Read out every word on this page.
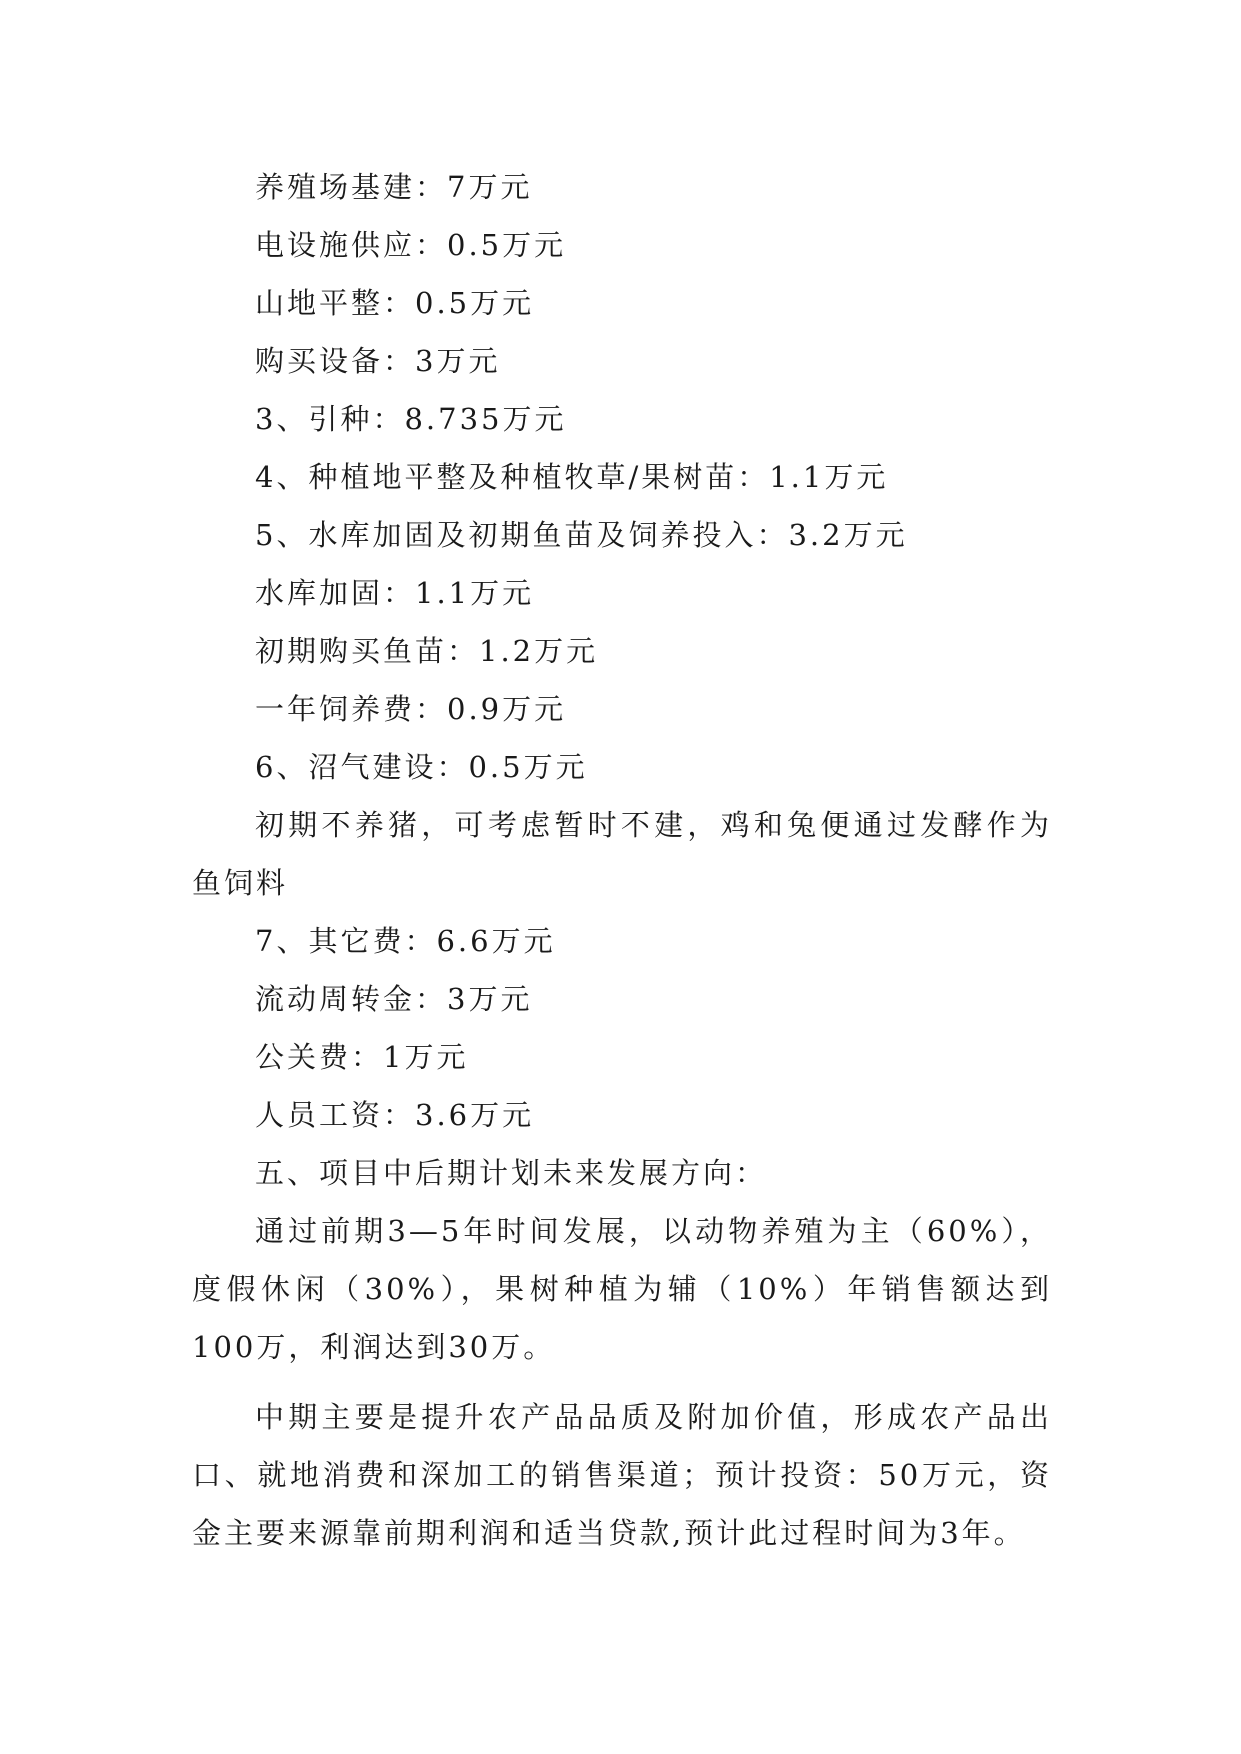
养殖场基建：7万元
电设施供应：0.5万元
山地平整：0.5万元
购买设备：3万元
3、引种：8.735万元
4、种植地平整及种植牧草/果树苗：1.1万元
5、水库加固及初期鱼苗及饲养投入：3.2万元
水库加固：1.1万元
初期购买鱼苗：1.2万元
一年饲养费：0.9万元
6、沼气建设：0.5万元
初期不养猪，可考虑暂时不建，鸡和兔便通过发酵作为鱼饲料
7、其它费：6.6万元
流动周转金：3万元
公关费：1万元
人员工资：3.6万元
五、项目中后期计划未来发展方向：
通过前期3—5年时间发展，以动物养殖为主（60%），度假休闲（30%），果树种植为辅（10%）年销售额达到100万，利润达到30万。
中期主要是提升农产品品质及附加价值，形成农产品出口、就地消费和深加工的销售渠道；预计投资：50万元，资金主要来源靠前期利润和适当贷款,预计此过程时间为3年。
